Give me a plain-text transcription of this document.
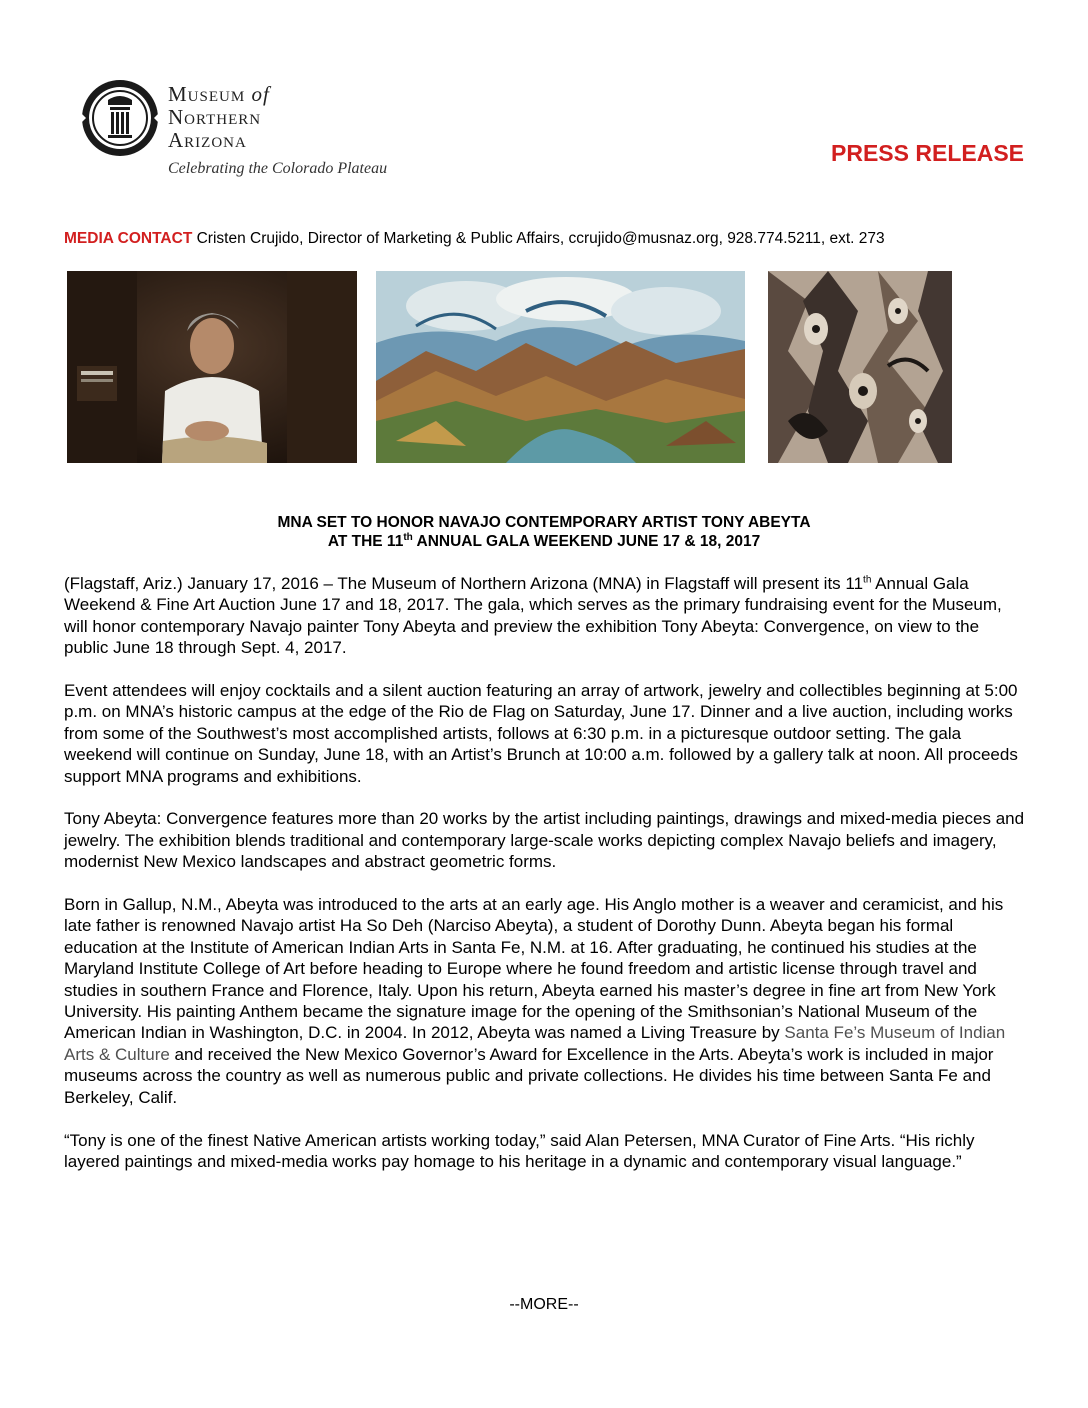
Museum of
Northern
Arizona
Celebrating the Colorado Plateau
PRESS RELEASE
MEDIA CONTACT Cristen Crujido, Director of Marketing & Public Affairs, ccrujido@musnaz.org, 928.774.5211, ext. 273
MNA SET TO HONOR NAVAJO CONTEMPORARY ARTIST TONY ABEYTA
AT THE 11th ANNUAL GALA WEEKEND JUNE 17 & 18, 2017

(Flagstaff, Ariz.) January 17, 2016 – The Museum of Northern Arizona (MNA) in Flagstaff will present its 11th Annual Gala Weekend & Fine Art Auction June 17 and 18, 2017. The gala, which serves as the primary fundraising event for the Museum, will honor contemporary Navajo painter Tony Abeyta and preview the exhibition Tony Abeyta: Convergence, on view to the public June 18 through Sept. 4, 2017.

Event attendees will enjoy cocktails and a silent auction featuring an array of artwork, jewelry and collectibles beginning at 5:00 p.m. on MNA’s historic campus at the edge of the Rio de Flag on Saturday, June 17. Dinner and a live auction, including works from some of the Southwest’s most accomplished artists, follows at 6:30 p.m. in a picturesque outdoor setting. The gala weekend will continue on Sunday, June 18, with an Artist’s Brunch at 10:00 a.m. followed by a gallery talk at noon. All proceeds support MNA programs and exhibitions.

Tony Abeyta: Convergence features more than 20 works by the artist including paintings, drawings and mixed-media pieces and jewelry. The exhibition blends traditional and contemporary large-scale works depicting complex Navajo beliefs and imagery, modernist New Mexico landscapes and abstract geometric forms.

Born in Gallup, N.M., Abeyta was introduced to the arts at an early age. His Anglo mother is a weaver and ceramicist, and his late father is renowned Navajo artist Ha So Deh (Narciso Abeyta), a student of Dorothy Dunn. Abeyta began his formal education at the Institute of American Indian Arts in Santa Fe, N.M. at 16. After graduating, he continued his studies at the Maryland Institute College of Art before heading to Europe where he found freedom and artistic license through travel and studies in southern France and Florence, Italy. Upon his return, Abeyta earned his master’s degree in fine art from New York University. His painting Anthem became the signature image for the opening of the Smithsonian’s National Museum of the American Indian in Washington, D.C. in 2004. In 2012, Abeyta was named a Living Treasure by Santa Fe’s Museum of Indian Arts & Culture and received the New Mexico Governor’s Award for Excellence in the Arts. Abeyta’s work is included in major museums across the country as well as numerous public and private collections. He divides his time between Santa Fe and Berkeley, Calif.

“Tony is one of the finest Native American artists working today,” said Alan Petersen, MNA Curator of Fine Arts. “His richly layered paintings and mixed-media works pay homage to his heritage in a dynamic and contemporary visual language.”

--MORE--
